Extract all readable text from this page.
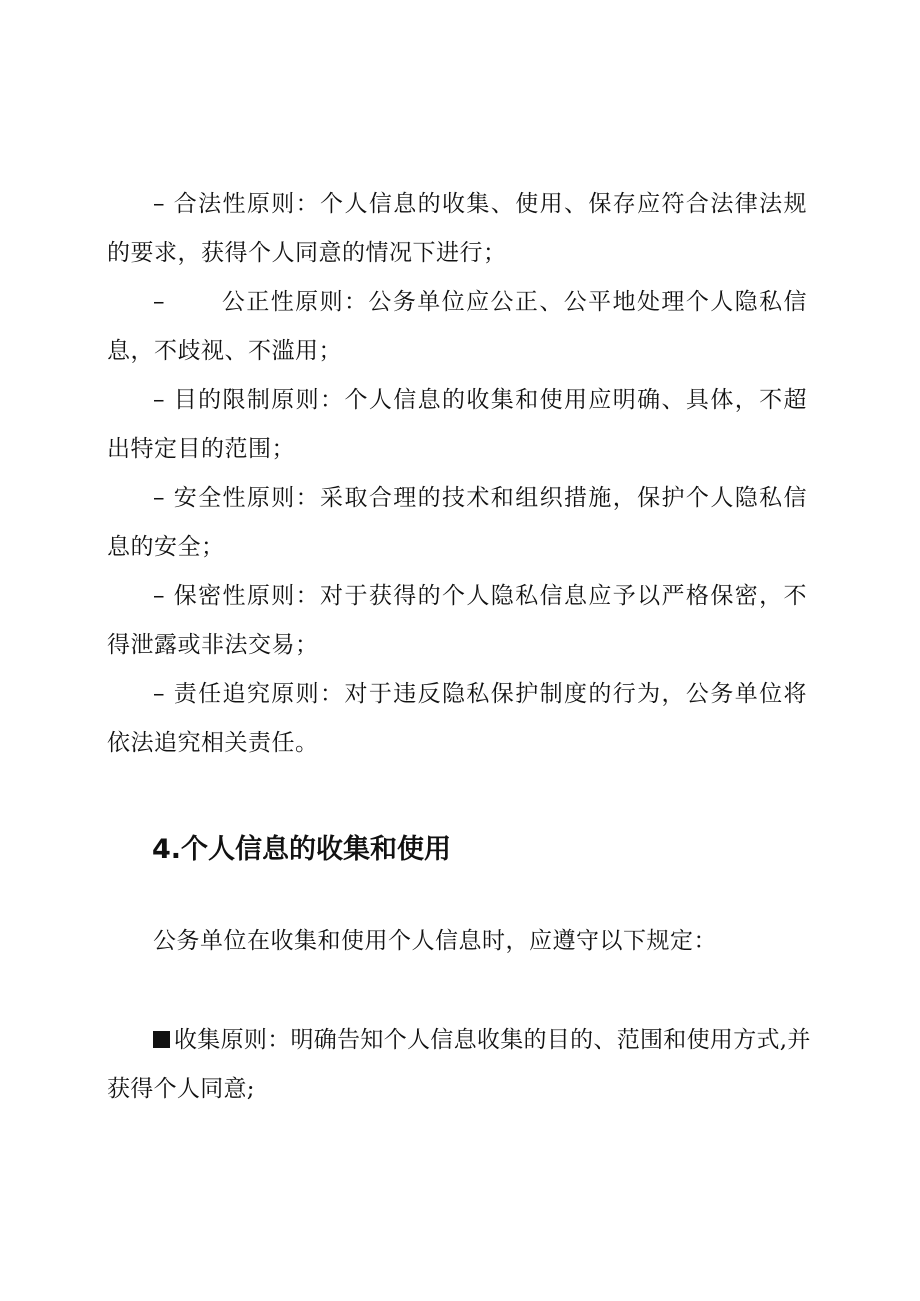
– 合法性原则：个人信息的收集、使用、保存应符合法律法规的要求，获得个人同意的情况下进行；

– 公正性原则：公务单位应公正、公平地处理个人隐私信息，不歧视、不滥用；

– 目的限制原则：个人信息的收集和使用应明确、具体，不超出特定目的范围；

– 安全性原则：采取合理的技术和组织措施，保护个人隐私信息的安全；

– 保密性原则：对于获得的个人隐私信息应予以严格保密，不得泄露或非法交易；

– 责任追究原则：对于违反隐私保护制度的行为，公务单位将依法追究相关责任。

4.个人信息的收集和使用

公务单位在收集和使用个人信息时，应遵守以下规定：

收集原则：明确告知个人信息收集的目的、范围和使用方式,并获得个人同意;
